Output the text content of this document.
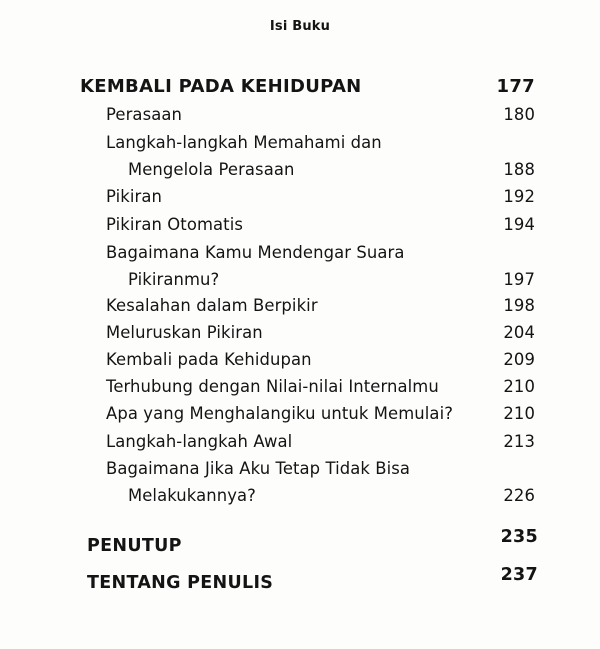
Isi Buku
KEMBALI PADA KEHIDUPAN	177
Perasaan	180
Langkah-langkah Memahami dan
Mengelola Perasaan	188
Pikiran	192
Pikiran Otomatis	194
Bagaimana Kamu Mendengar Suara
Pikiranmu?	197
Kesalahan dalam Berpikir	198
Meluruskan Pikiran	204
Kembali pada Kehidupan	209
Terhubung dengan Nilai-nilai Internalmu	210
Apa yang Menghalangiku untuk Memulai?	210
Langkah-langkah Awal	213
Bagaimana Jika Aku Tetap Tidak Bisa
Melakukannya?	226
PENUTUP	235
TENTANG PENULIS	237
